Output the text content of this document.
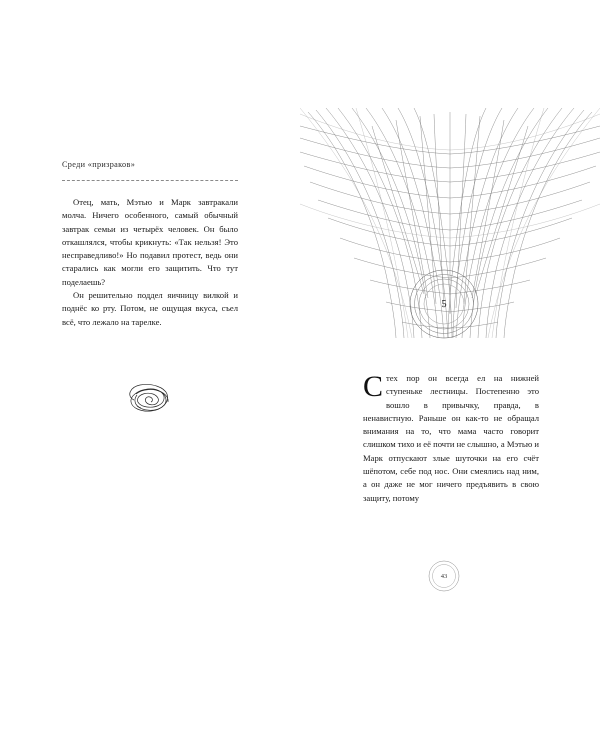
Среди «призраков»

Отец, мать, Мэтью и Марк завтракали молча. Ничего особенного, самый обычный завтрак семьи из четырёх человек. Он было откашлялся, чтобы крикнуть: «Так нельзя! Это несправедливо!» Но подавил протест, ведь они старались как могли его защитить. Что тут поделаешь?

Он решительно поддел яичницу вилкой и поднёс ко рту. Потом, не ощущая вкуса, съел всё, что лежало на тарелке.

5

Стех пор он всегда ел на нижней ступеньке лестницы. Постепенно это вошло в привычку, правда, в ненавистную. Раньше он как-то не обращал внимания на то, что мама часто говорит слишком тихо и её почти не слышно, а Мэтью и Марк отпускают злые шуточки на его счёт шёпотом, себе под нос. Они смеялись над ним, а он даже не мог ничего предъявить в свою защиту, потому

43
